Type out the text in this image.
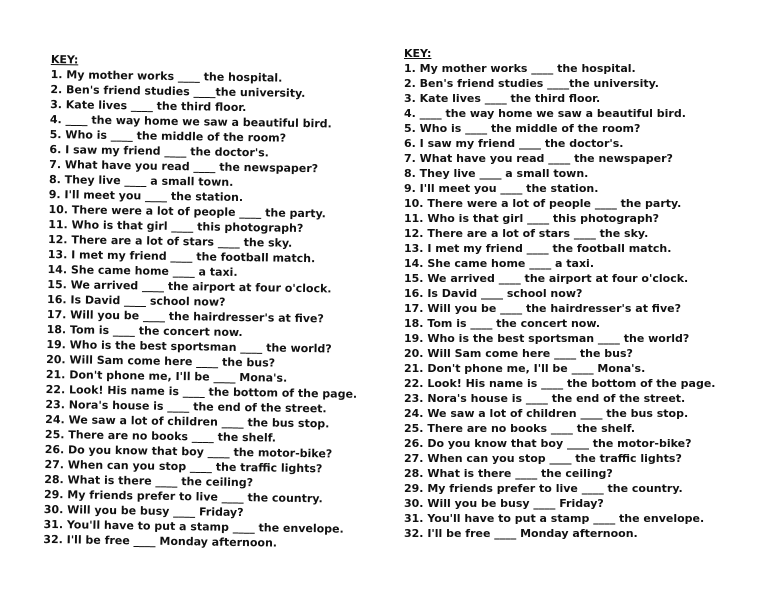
KEY:
1. My mother works ____ the hospital.
2. Ben's friend studies ____the university.
3. Kate lives ____ the third floor.
4. ____ the way home we saw a beautiful bird.
5. Who is ____ the middle of the room?
6. I saw my friend ____ the doctor's.
7. What have you read ____ the newspaper?
8. They live ____ a small town.
9. I'll meet you ____ the station.
10. There were a lot of people ____ the party.
11. Who is that girl ____ this photograph?
12. There are a lot of stars ____ the sky.
13. I met my friend ____ the football match.
14. She came home ____ a taxi.
15. We arrived ____ the airport at four o'clock.
16. Is David ____ school now?
17. Will you be ____ the hairdresser's at five?
18. Tom is ____ the concert now.
19. Who is the best sportsman ____ the world?
20. Will Sam come here ____ the bus?
21. Don't phone me, I'll be ____ Mona's.
22. Look! His name is ____ the bottom of the page.
23. Nora's house is ____ the end of the street.
24. We saw a lot of children ____ the bus stop.
25. There are no books ____ the shelf.
26. Do you know that boy ____ the motor-bike?
27. When can you stop ____ the traffic lights?
28. What is there ____ the ceiling?
29. My friends prefer to live ____ the country.
30. Will you be busy ____ Friday?
31. You'll have to put a stamp ____ the envelope.
32. I'll be free ____ Monday afternoon.
KEY:
1. My mother works ____ the hospital.
2. Ben's friend studies ____the university.
3. Kate lives ____ the third floor.
4. ____ the way home we saw a beautiful bird.
5. Who is ____ the middle of the room?
6. I saw my friend ____ the doctor's.
7. What have you read ____ the newspaper?
8. They live ____ a small town.
9. I'll meet you ____ the station.
10. There were a lot of people ____ the party.
11. Who is that girl ____ this photograph?
12. There are a lot of stars ____ the sky.
13. I met my friend ____ the football match.
14. She came home ____ a taxi.
15. We arrived ____ the airport at four o'clock.
16. Is David ____ school now?
17. Will you be ____ the hairdresser's at five?
18. Tom is ____ the concert now.
19. Who is the best sportsman ____ the world?
20. Will Sam come here ____ the bus?
21. Don't phone me, I'll be ____ Mona's.
22. Look! His name is ____ the bottom of the page.
23. Nora's house is ____ the end of the street.
24. We saw a lot of children ____ the bus stop.
25. There are no books ____ the shelf.
26. Do you know that boy ____ the motor-bike?
27. When can you stop ____ the traffic lights?
28. What is there ____ the ceiling?
29. My friends prefer to live ____ the country.
30. Will you be busy ____ Friday?
31. You'll have to put a stamp ____ the envelope.
32. I'll be free ____ Monday afternoon.
